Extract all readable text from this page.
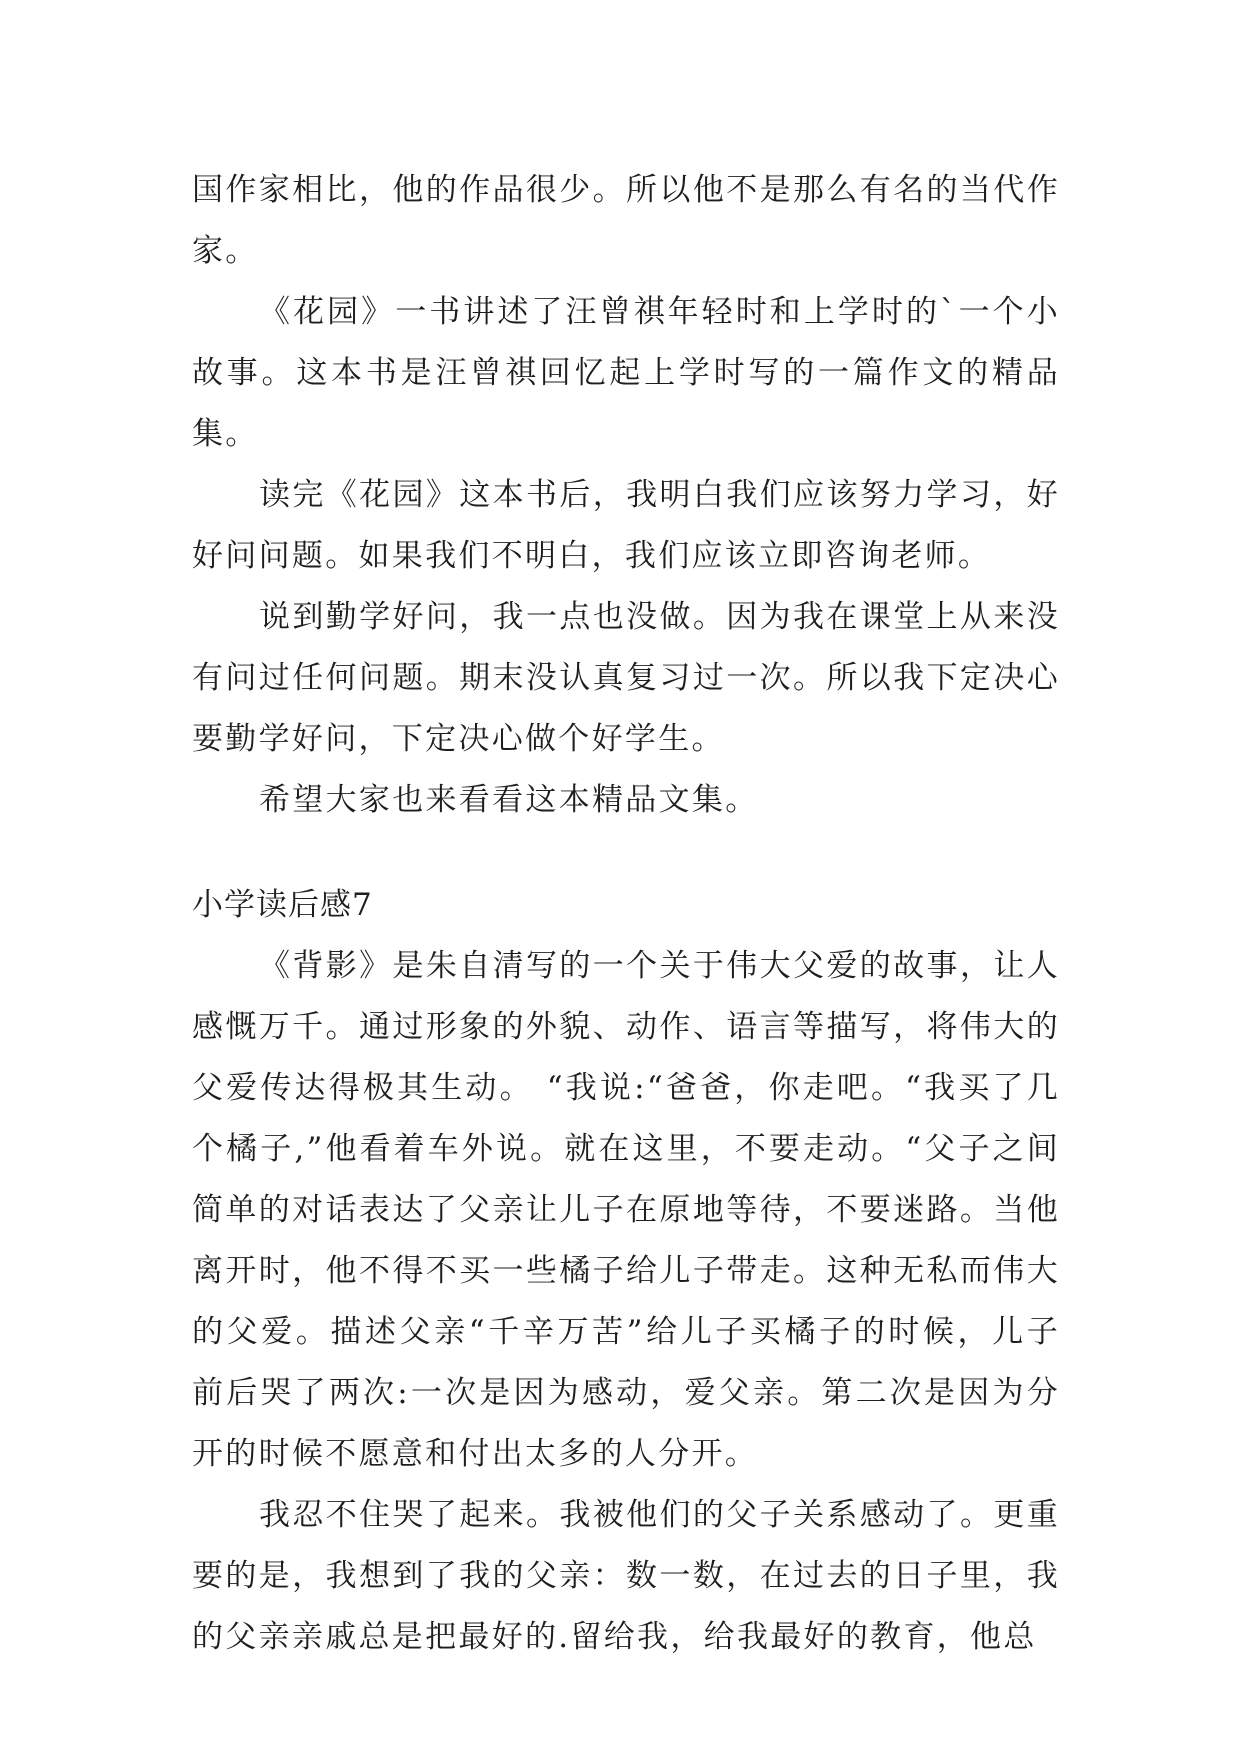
国作家相比，他的作品很少。所以他不是那么有名的当代作家。

《花园》一书讲述了汪曾祺年轻时和上学时的`一个小故事。这本书是汪曾祺回忆起上学时写的一篇作文的精品集。

读完《花园》这本书后，我明白我们应该努力学习，好好问问题。如果我们不明白，我们应该立即咨询老师。

说到勤学好问，我一点也没做。因为我在课堂上从来没有问过任何问题。期末没认真复习过一次。所以我下定决心要勤学好问，下定决心做个好学生。

希望大家也来看看这本精品文集。

小学读后感7

《背影》是朱自清写的一个关于伟大父爱的故事，让人感慨万千。通过形象的外貌、动作、语言等描写，将伟大的父爱传达得极其生动。 “我说:“爸爸，你走吧。“我买了几个橘子,”他看着车外说。就在这里，不要走动。“父子之间简单的对话表达了父亲让儿子在原地等待，不要迷路。当他离开时，他不得不买一些橘子给儿子带走。这种无私而伟大的父爱。描述父亲“千辛万苦”给儿子买橘子的时候，儿子前后哭了两次:一次是因为感动，爱父亲。第二次是因为分开的时候不愿意和付出太多的人分开。

我忍不住哭了起来。我被他们的父子关系感动了。更重要的是，我想到了我的父亲：数一数，在过去的日子里，我的父亲亲戚总是把最好的.留给我，给我最好的教育，他总
